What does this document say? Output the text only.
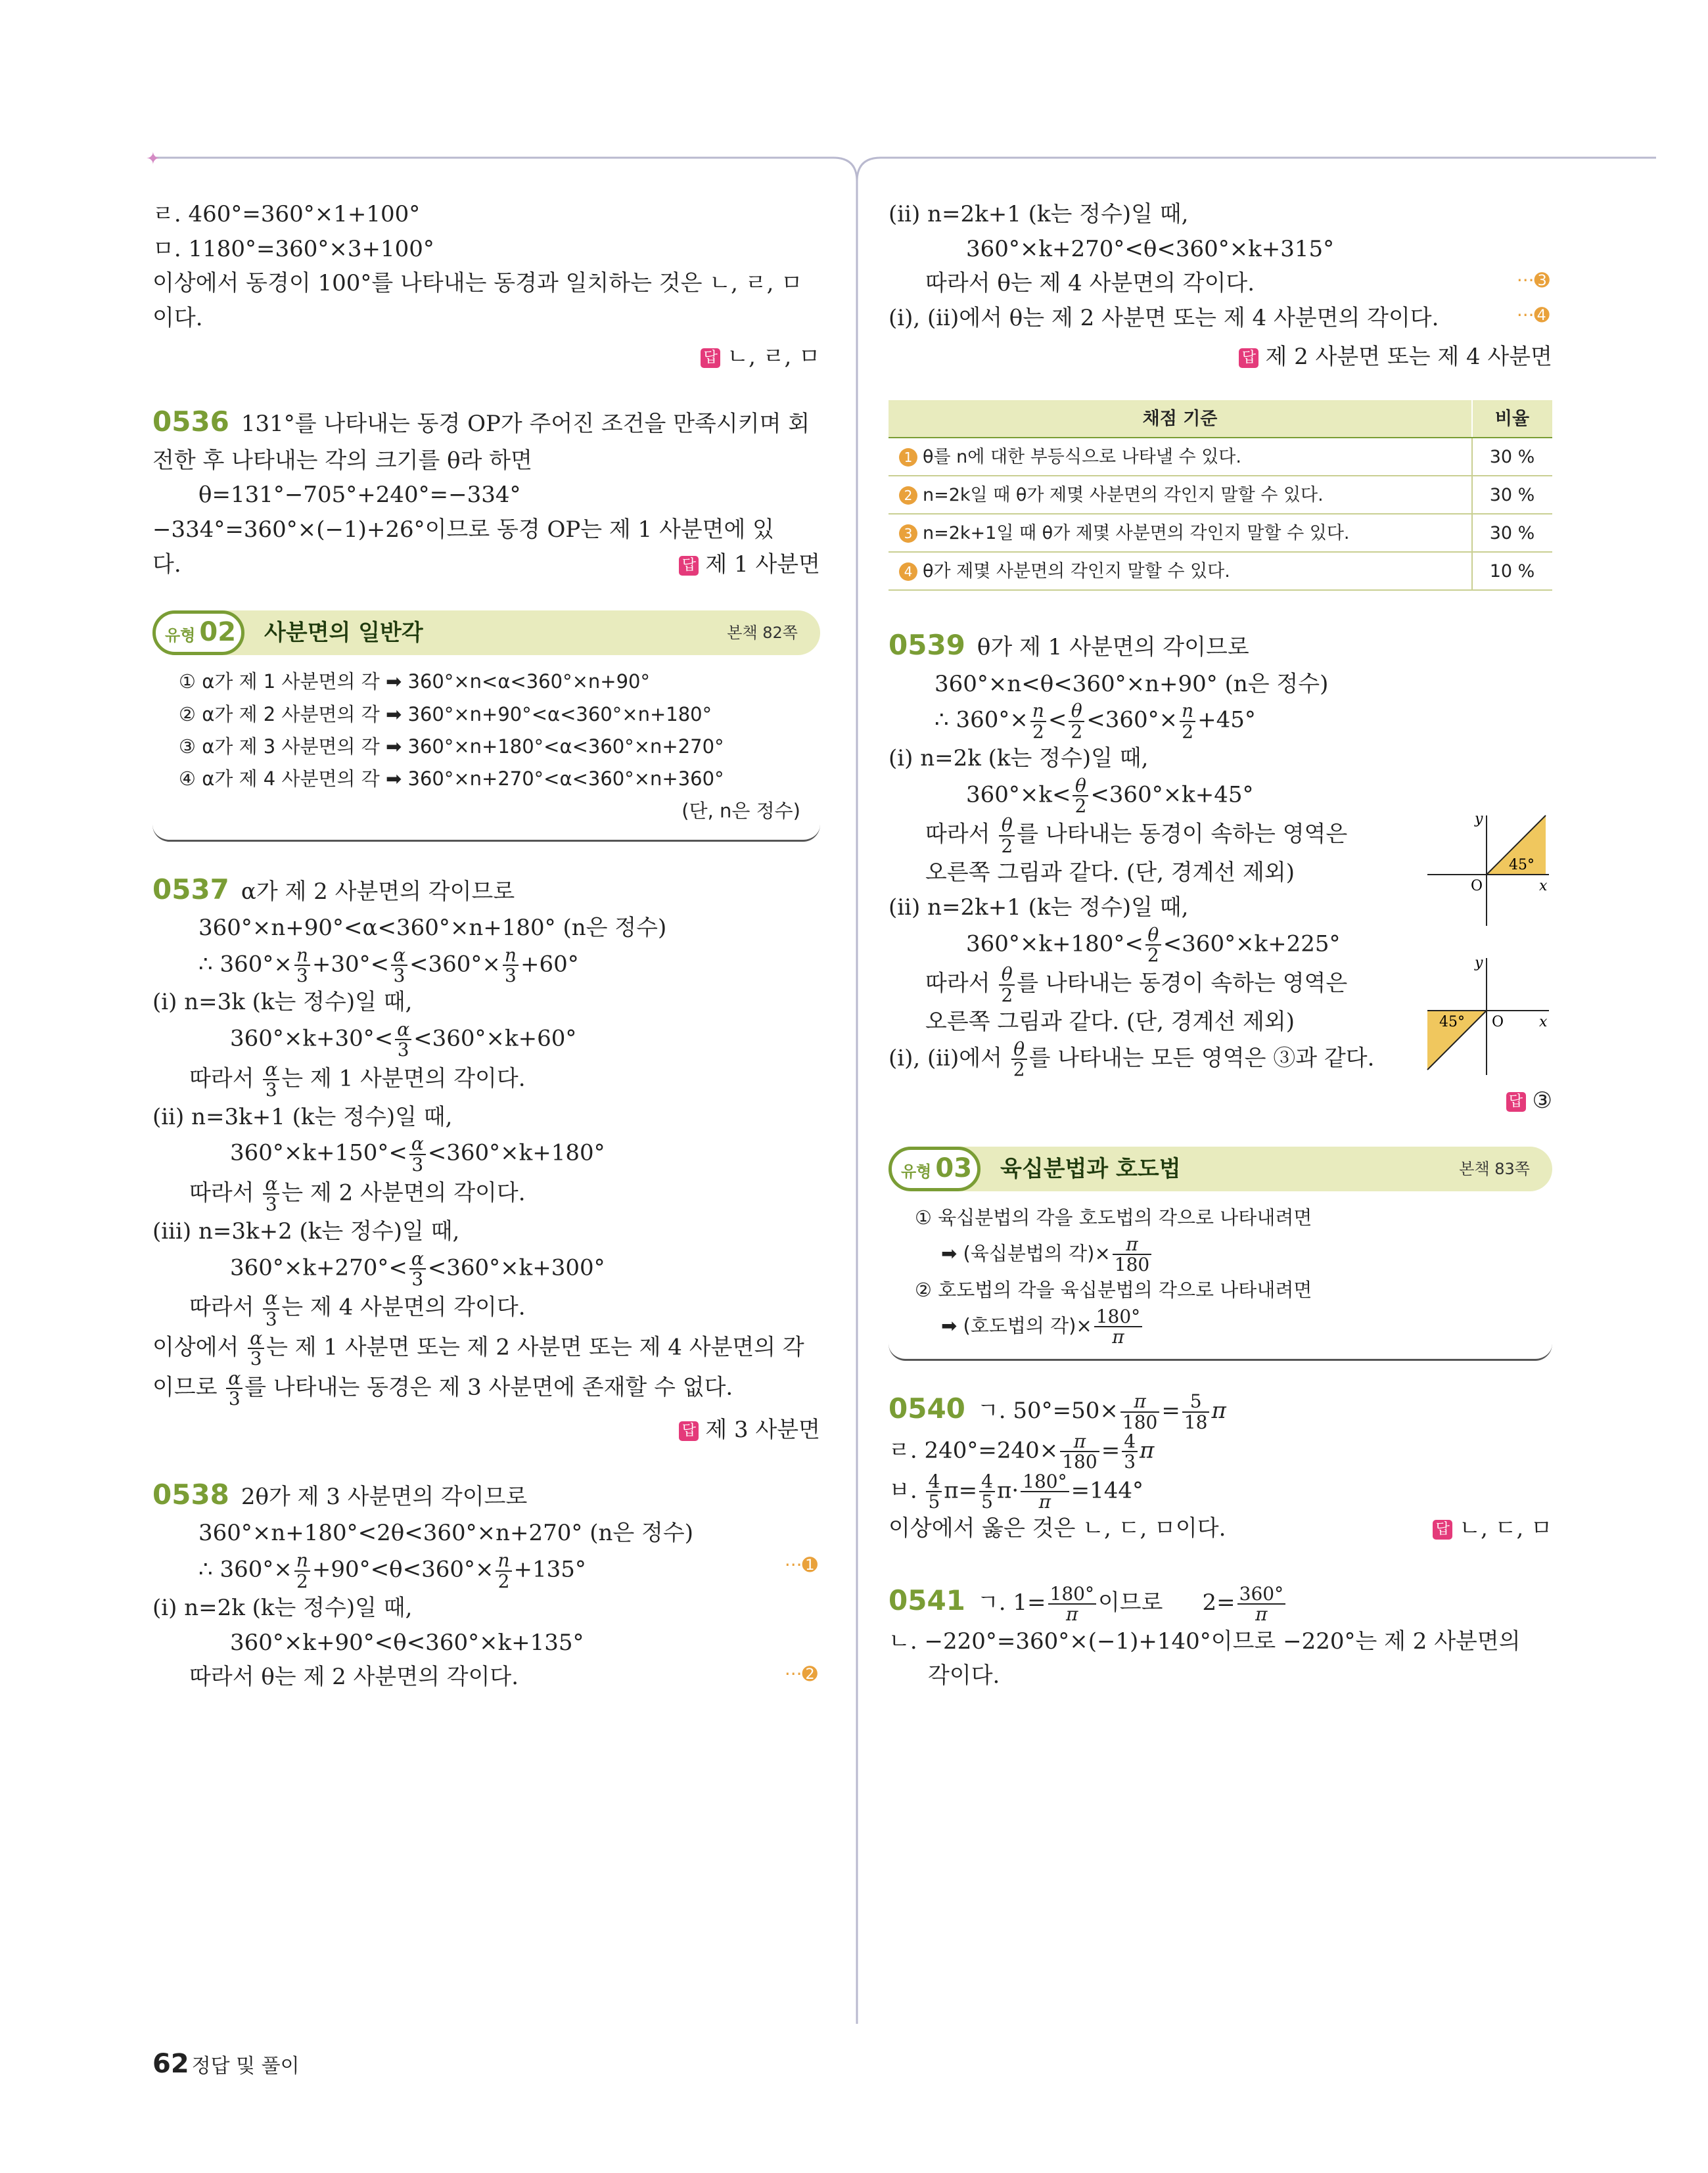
✦

ㄹ. 460°=360°×1+100°

ㅁ. 1180°=360°×3+100°

이상에서 동경이 100°를 나타내는 동경과 일치하는 것은 ㄴ, ㄹ, ㅁ

이다.

답 ㄴ, ㄹ, ㅁ

0536 131°를 나타내는 동경 OP가 주어진 조건을 만족시키며 회

전한 후 나타내는 각의 크기를 θ라 하면

θ=131°−705°+240°=−334°

−334°=360°×(−1)+26°이므로 동경 OP는 제 1 사분면에 있

다.	답 제 1 사분면

유형 02	사분면의 일반각	본책 82쪽
① α가 제 1 사분면의 각 ➡ 360°×n<α<360°×n+90°
② α가 제 2 사분면의 각 ➡ 360°×n+90°<α<360°×n+180°
③ α가 제 3 사분면의 각 ➡ 360°×n+180°<α<360°×n+270°
④ α가 제 4 사분면의 각 ➡ 360°×n+270°<α<360°×n+360°
(단, n은 정수)

0537 α가 제 2 사분면의 각이므로

360°×n+90°<α<360°×n+180° (n은 정수)

∴ $360^\circ\times \frac{n}{3} +30^\circ< \frac{\alpha}{3} <360^\circ\times \frac{n}{3} +60^\circ$

(ⅰ) n=3k (k는 정수)일 때,

$360^\circ\times k+30^\circ< \frac{\alpha}{3} <360^\circ\times k+60^\circ$

따라서 $\frac{\alpha}{3}$ 는 제 1 사분면의 각이다.

(ⅱ) n=3k+1 (k는 정수)일 때,

$360^\circ\times k+150^\circ< \frac{\alpha}{3} <360^\circ\times k+180^\circ$

따라서 $\frac{\alpha}{3}$ 는 제 2 사분면의 각이다.

(ⅲ) n=3k+2 (k는 정수)일 때,

$360^\circ\times k+270^\circ< \frac{\alpha}{3} <360^\circ\times k+300^\circ$

따라서 $\frac{\alpha}{3}$ 는 제 4 사분면의 각이다.

이상에서 $\frac{\alpha}{3}$ 는 제 1 사분면 또는 제 2 사분면 또는 제 4 사분면의 각

이므로 $\frac{\alpha}{3}$ 를 나타내는 동경은 제 3 사분면에 존재할 수 없다.

답 제 3 사분면

0538 2θ가 제 3 사분면의 각이므로

360°×n+180°<2θ<360°×n+270° (n은 정수)

∴ $360^\circ\times \frac{n}{2} +90^\circ<\theta<360^\circ\times \frac{n}{2} +135^\circ$	···➊

(ⅰ) n=2k (k는 정수)일 때,

360°×k+90°<θ<360°×k+135°

따라서 θ는 제 2 사분면의 각이다.	···➋

(ⅱ) n=2k+1 (k는 정수)일 때,

360°×k+270°<θ<360°×k+315°

따라서 θ는 제 4 사분면의 각이다.	···➌

(ⅰ), (ⅱ)에서 θ는 제 2 사분면 또는 제 4 사분면의 각이다.	···➍

답 제 2 사분면 또는 제 4 사분면

채점 기준	비율
1 θ를 n에 대한 부등식으로 나타낼 수 있다.	30 %
2 n=2k일 때 θ가 제몇 사분면의 각인지 말할 수 있다.	30 %
3 n=2k+1일 때 θ가 제몇 사분면의 각인지 말할 수 있다.	30 %
4 θ가 제몇 사분면의 각인지 말할 수 있다.	10 %

0539 θ가 제 1 사분면의 각이므로

360°×n<θ<360°×n+90° (n은 정수)

∴ $360^\circ\times \frac{n}{2} < \frac{\theta}{2} <360^\circ\times \frac{n}{2} +45^\circ$

(ⅰ) n=2k (k는 정수)일 때,

$360^\circ\times k< \frac{\theta}{2} <360^\circ\times k+45^\circ$

y
x
O
45°

따라서 $\frac{\theta}{2}$ 를 나타내는 동경이 속하는 영역은

오른쪽 그림과 같다. (단, 경계선 제외)

(ⅱ) n=2k+1 (k는 정수)일 때,

$360^\circ\times k+180^\circ< \frac{\theta}{2} <360^\circ\times k+225^\circ$

y
x
O
45°

따라서 $\frac{\theta}{2}$ 를 나타내는 동경이 속하는 영역은

오른쪽 그림과 같다. (단, 경계선 제외)

(ⅰ), (ⅱ)에서 $\frac{\theta}{2}$ 를 나타내는 모든 영역은 ③과 같다.

답 ③

유형 03	육십분법과 호도법	본책 83쪽
① 육십분법의 각을 호도법의 각으로 나타내려면
➡ (육십분법의 각)× $\frac{\pi}{180}$
② 호도법의 각을 육십분법의 각으로 나타내려면
➡ (호도법의 각)× $\frac{180^\circ}{\pi}$

0540 ㄱ. $50^\circ=50\times \frac{\pi}{180} = \frac{5}{18}$ π

ㄹ. $240^\circ=240\times \frac{\pi}{180} = \frac{4}{3}$ π

ㅂ. $\frac{4}{5} \pi= \frac{4}{5} \pi\cdot \frac{180^\circ}{\pi} =144^\circ$

이상에서 옳은 것은 ㄴ, ㄷ, ㅁ이다.	답 ㄴ, ㄷ, ㅁ

0541 ㄱ. $1= \frac{180^\circ}{\pi}$ 이므로 $2= \frac{360^\circ}{\pi}$

ㄴ. −220°=360°×(−1)+140°이므로 −220°는 제 2 사분면의

각이다.

62 정답 및 풀이
